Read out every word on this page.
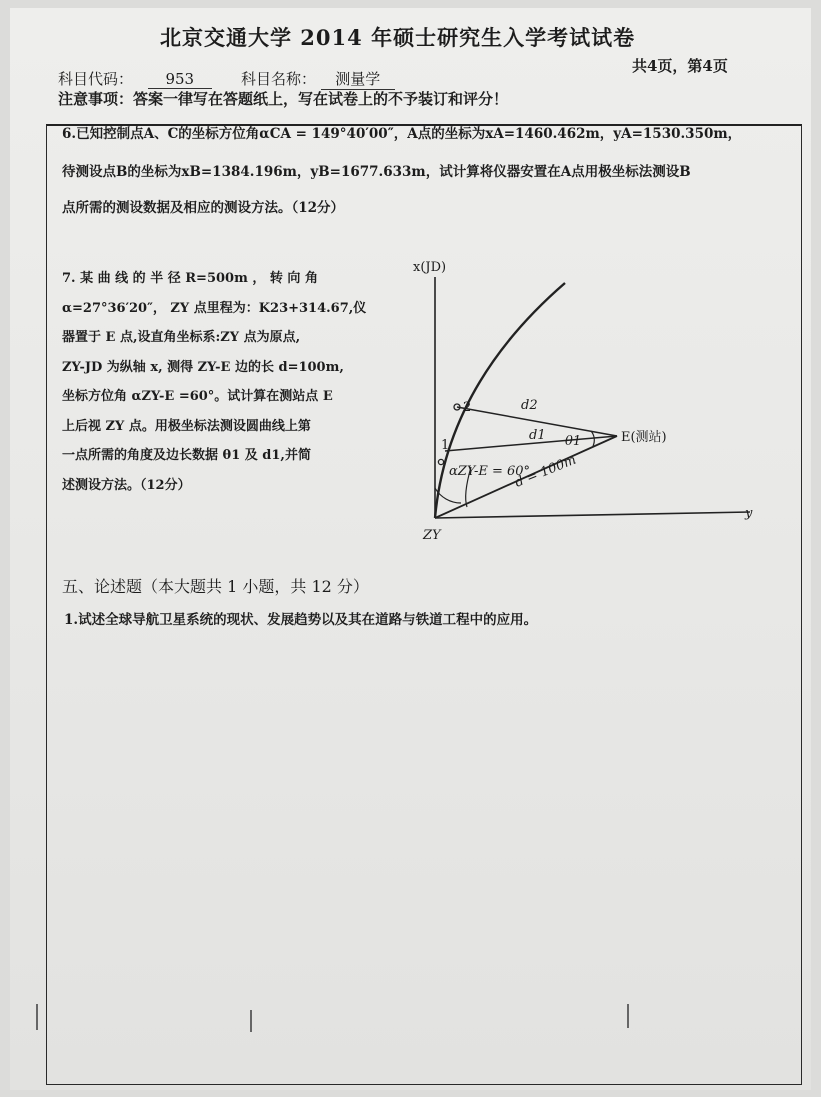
北京交通大学 2014 年硕士研究生入学考试试卷
科目代码： 953	科目名称： 测量学
共4页，第4页
注意事项：答案一律写在答题纸上，写在试卷上的不予装订和评分！
6.已知控制点A、C的坐标方位角αCA = 149°40′00″，A点的坐标为xA=1460.462m，yA=1530.350m，
待测设点B的坐标为xB=1384.196m，yB=1677.633m，试计算将仪器安置在A点用极坐标法测设B
点所需的测设数据及相应的测设方法。（12分）
7. 某 曲 线 的 半 径 R=500m ， 转 向 角
α=27°36′20″， ZY 点里程为：K23+314.67,仪
器置于 E 点,设直角坐标系:ZY 点为原点,
ZY-JD 为纵轴 x, 测得 ZY-E 边的长 d=100m,
坐标方位角 αZY-E =60°。试计算在测站点 E
上后视 ZY 点。用极坐标法测设圆曲线上第
一点所需的角度及边长数据 θ1 及 d1,并简
述测设方法。（12分）
x(JD)
y
ZY
1
2	d2
d1 θ1	E(测站)
αZY-E = 60°
d = 100m
五、论述题（本大题共 1 小题，共 12 分）
1.试述全球导航卫星系统的现状、发展趋势以及其在道路与铁道工程中的应用。
